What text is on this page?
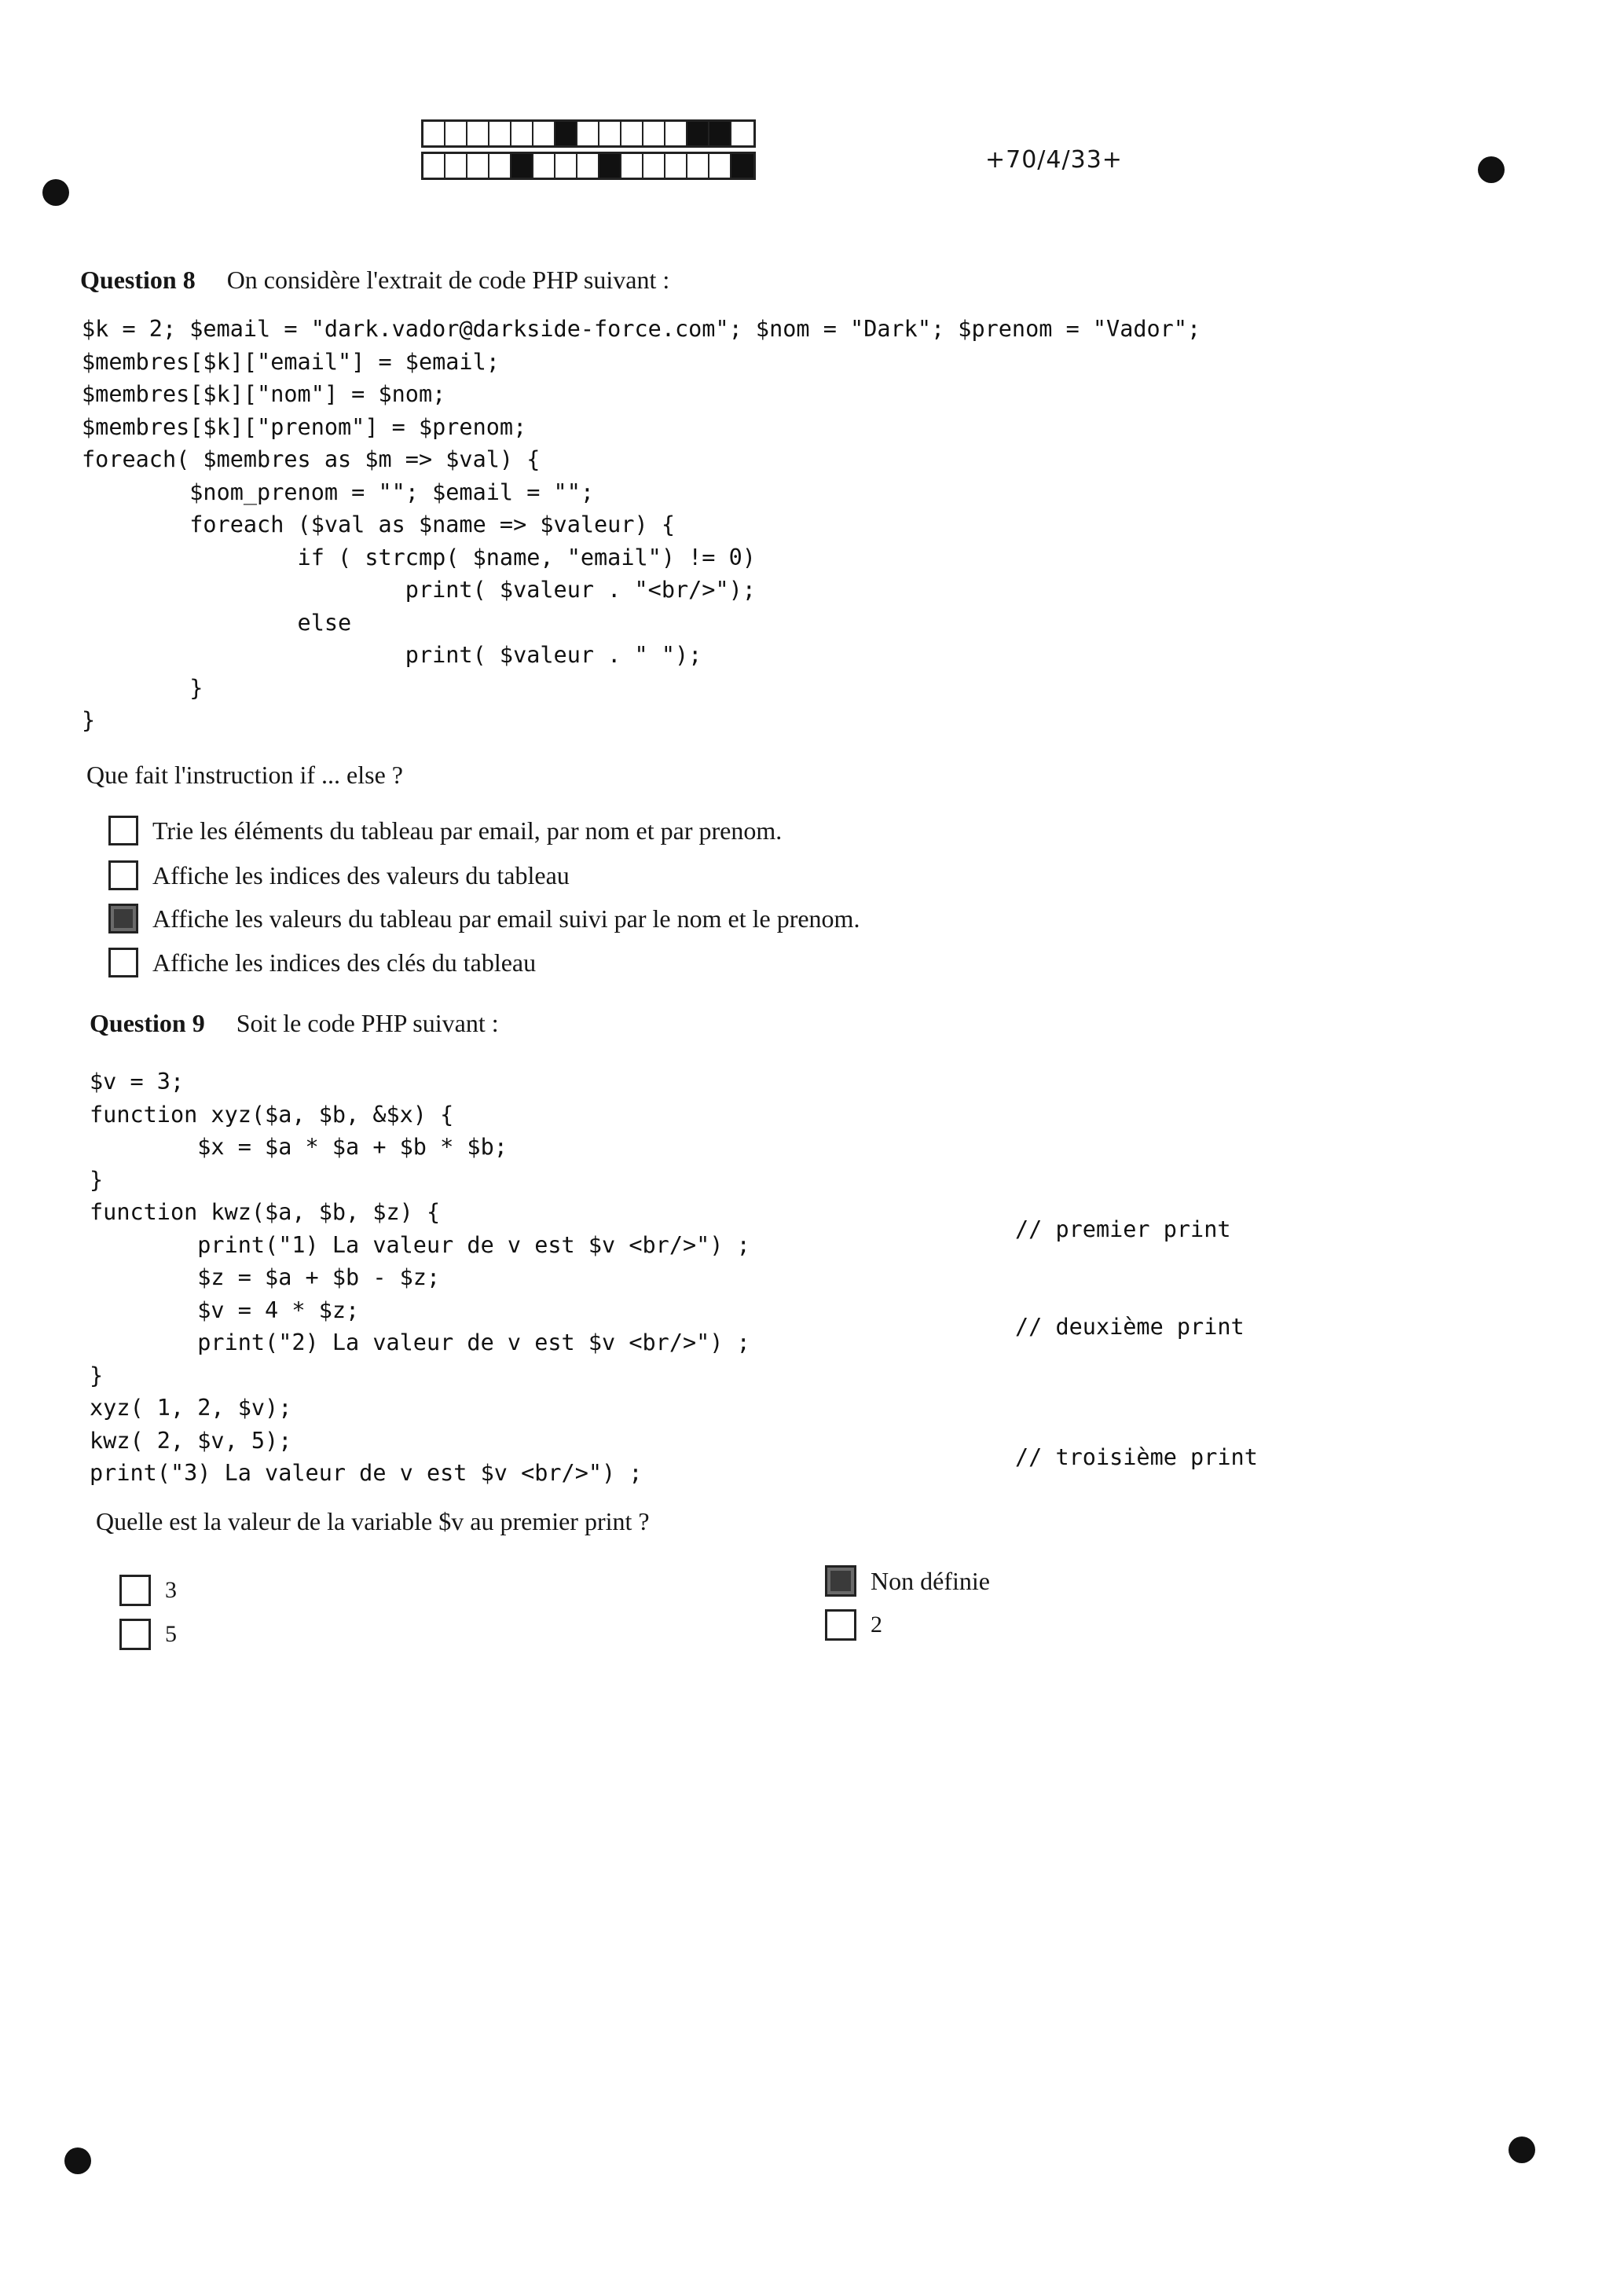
+70/4/33+
Question 8 On considère l'extrait de code PHP suivant :
$k = 2; $email = "dark.vador@darkside-force.com"; $nom = "Dark"; $prenom = "Vador";
$membres[$k]["email"] = $email;
$membres[$k]["nom"] = $nom;
$membres[$k]["prenom"] = $prenom;
foreach( $membres as $m => $val) {
$nom_prenom = ""; $email = "";
foreach ($val as $name => $valeur) {
if ( strcmp( $name, "email") != 0)
print( $valeur . "<br/>");
else
print( $valeur . " ");
}
}
Que fait l'instruction if ... else ?
Trie les éléments du tableau par email, par nom et par prenom.
Affiche les indices des valeurs du tableau
Affiche les valeurs du tableau par email suivi par le nom et le prenom.
Affiche les indices des clés du tableau
Question 9 Soit le code PHP suivant :
$v = 3;
function xyz($a, $b, &$x) {
$x = $a * $a + $b * $b;
}
function kwz($a, $b, $z) {
print("1) La valeur de v est $v <br/>") ;
$z = $a + $b - $z;
$v = 4 * $z;
print("2) La valeur de v est $v <br/>") ;
}
xyz( 1, 2, $v);
kwz( 2, $v, 5);
print("3) La valeur de v est $v <br/>") ;
// premier print
// deuxième print
// troisième print
Quelle est la valeur de la variable $v au premier print ?
3
5
Non définie
2
